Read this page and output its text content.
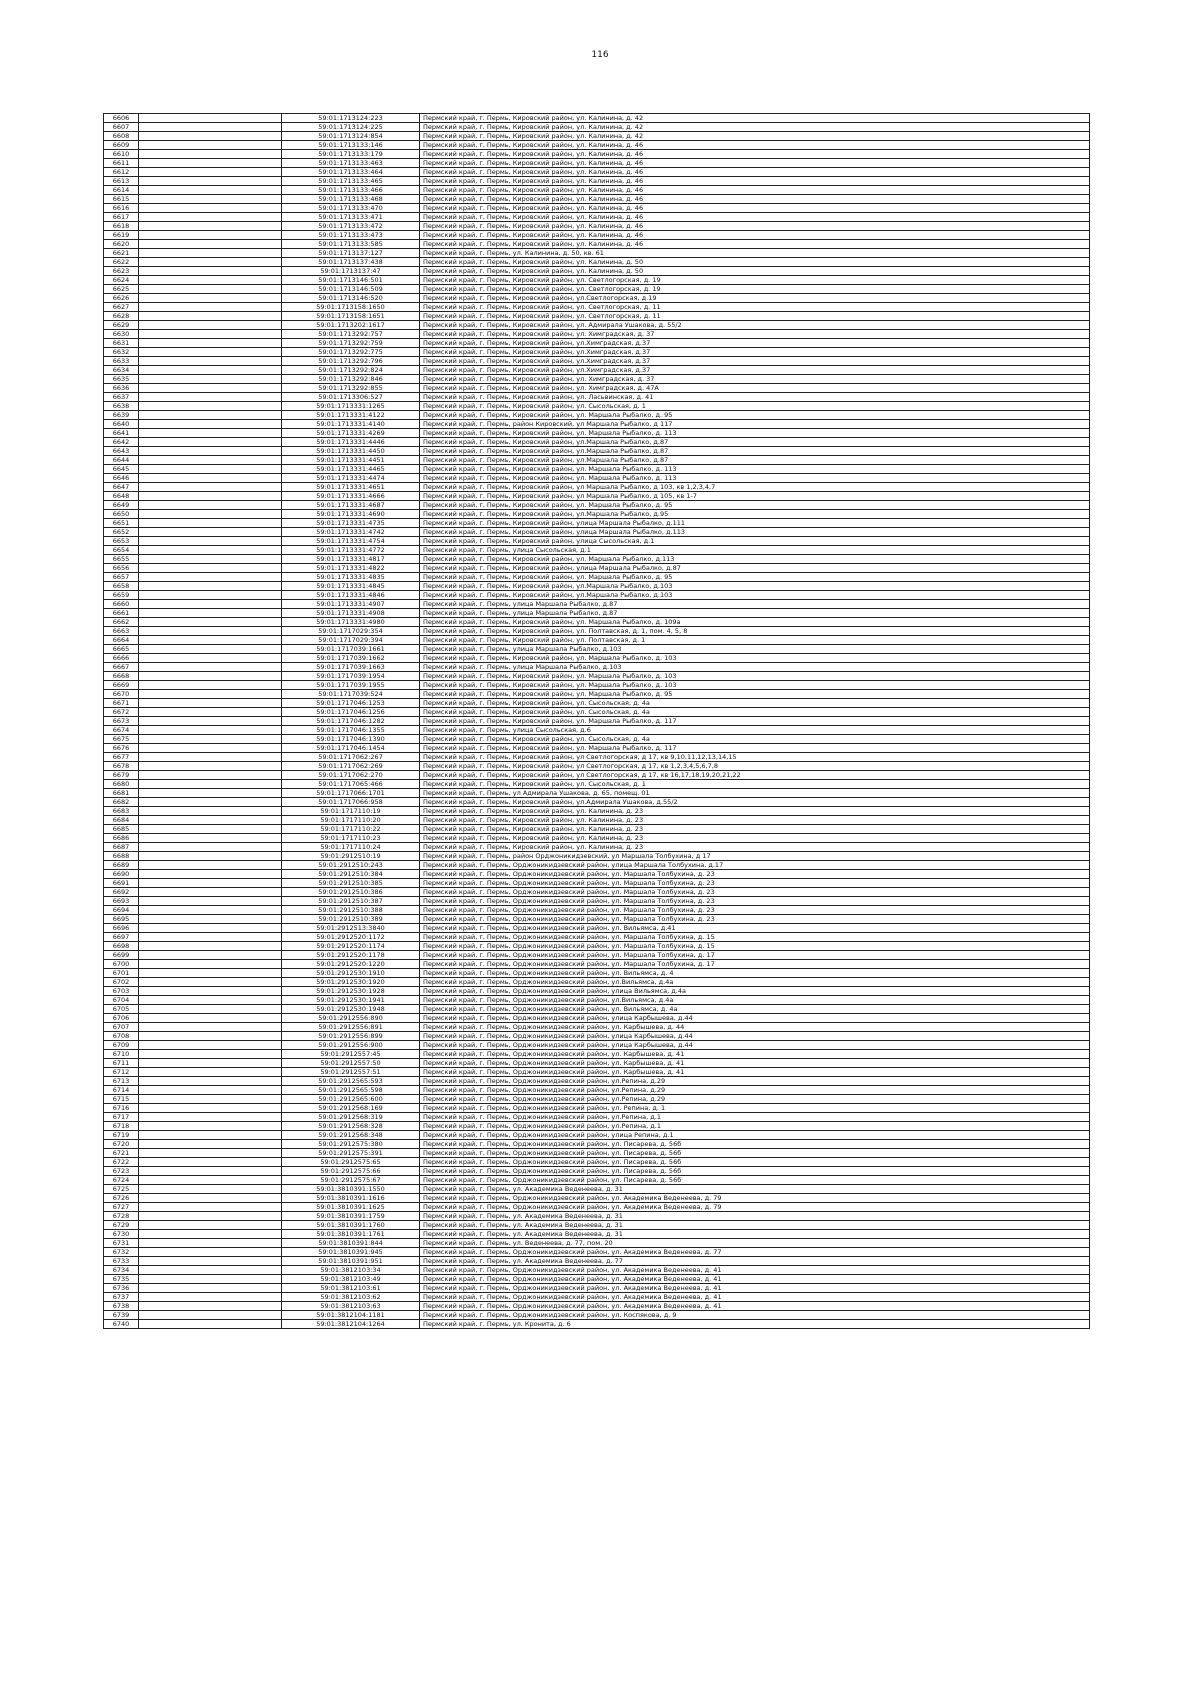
116
6606		59:01:1713124:223	Пермский край, г. Пермь, Кировский район, ул. Калинина, д. 42
6607		59:01:1713124:225	Пермский край, г. Пермь, Кировский район, ул. Калинина, д. 42
6608		59:01:1713124:854	Пермский край, г. Пермь, Кировский район, ул. Калинина, д. 42
6609		59:01:1713133:146	Пермский край, г. Пермь, Кировский район, ул. Калинина, д. 46
6610		59:01:1713133:179	Пермский край, г. Пермь, Кировский район, ул. Калинина, д. 46
6611		59:01:1713133:463	Пермский край, г. Пермь, Кировский район, ул. Калинина, д. 46
6612		59:01:1713133:464	Пермский край, г. Пермь, Кировский район, ул. Калинина, д. 46
6613		59:01:1713133:465	Пермский край, г. Пермь, Кировский район, ул. Калинина, д. 46
6614		59:01:1713133:466	Пермский край, г. Пермь, Кировский район, ул. Калинина, д. 46
6615		59:01:1713133:468	Пермский край, г. Пермь, Кировский район, ул. Калинина, д. 46
6616		59:01:1713133:470	Пермский край, г. Пермь, Кировский район, ул. Калинина, д. 46
6617		59:01:1713133:471	Пермский край, г. Пермь, Кировский район, ул. Калинина, д. 46
6618		59:01:1713133:472	Пермский край, г. Пермь, Кировский район, ул. Калинина, д. 46
6619		59:01:1713133:473	Пермский край, г. Пермь, Кировский район, ул. Калинина, д. 46
6620		59:01:1713133:585	Пермский край, г. Пермь, Кировский район, ул. Калинина, д. 46
6621		59:01:1713137:127	Пермский край, г. Пермь, ул. Калинина, д. 50, кв. 61
6622		59:01:1713137:438	Пермский край, г. Пермь, Кировский район, ул. Калинина, д. 50
6623		59:01:1713137:47	Пермский край, г. Пермь, Кировский район, ул. Калинина, д. 50
6624		59:01:1713146:501	Пермский край, г. Пермь, Кировский район, ул. Светлогорская, д. 19
6625		59:01:1713146:509	Пермский край, г. Пермь, Кировский район, ул. Светлогорская, д. 19
6626		59:01:1713146:520	Пермский край, г. Пермь, Кировский район, ул.Светлогорская, д.19
6627		59:01:1713158:1650	Пермский край, г. Пермь, Кировский район, ул. Светлогорская, д. 11
6628		59:01:1713158:1651	Пермский край, г. Пермь, Кировский район, ул. Светлогорская, д. 11
6629		59:01:1713202:1617	Пермский край, г. Пермь, Кировский район, ул. Адмирала Ушакова, д. 55/2
6630		59:01:1713292:757	Пермский край, г. Пермь, Кировский район, ул. Химградская, д. 37
6631		59:01:1713292:759	Пермский край, г. Пермь, Кировский район, ул.Химградская, д.37
6632		59:01:1713292:775	Пермский край, г. Пермь, Кировский район, ул.Химградская, д.37
6633		59:01:1713292:796	Пермский край, г. Пермь, Кировский район, ул.Химградская, д.37
6634		59:01:1713292:824	Пермский край, г. Пермь, Кировский район, ул.Химградская, д.37
6635		59:01:1713292:846	Пермский край, г. Пермь, Кировский район, ул. Химградская, д. 37
6636		59:01:1713292:855	Пермский край, г. Пермь, Кировский район, ул. Химградская, д. 47А
6637		59:01:1713306:527	Пермский край, г. Пермь, Кировский район, ул. Ласьвинская, д. 41
6638		59:01:1713331:1265	Пермский край, г. Пермь, Кировский район, ул. Сысольская, д. 1
6639		59:01:1713331:4122	Пермский край, г. Пермь, Кировский район, ул. Маршала Рыбалко, д. 95
6640		59:01:1713331:4140	Пермский край, г. Пермь, район Кировский, ул Маршала Рыбалко, д 117
6641		59:01:1713331:4269	Пермский край, г. Пермь, Кировский район, ул. Маршала Рыбалко, д. 113
6642		59:01:1713331:4446	Пермский край, г. Пермь, Кировский район, ул.Маршала Рыбалко, д.87
6643		59:01:1713331:4450	Пермский край, г. Пермь, Кировский район, ул.Маршала Рыбалко, д.87
6644		59:01:1713331:4451	Пермский край, г. Пермь, Кировский район, ул.Маршала Рыбалко, д.87
6645		59:01:1713331:4465	Пермский край, г. Пермь, Кировский район, ул. Маршала Рыбалко, д. 113
6646		59:01:1713331:4474	Пермский край, г. Пермь, Кировский район, ул. Маршала Рыбалко, д. 113
6647		59:01:1713331:4651	Пермский край, г. Пермь, Кировский район, ул Маршала Рыбалко, д 103, кв 1,2,3,4,7
6648		59:01:1713331:4666	Пермский край, г. Пермь, Кировский район, ул Маршала Рыбалко, д 105, кв 1-7
6649		59:01:1713331:4687	Пермский край, г. Пермь, Кировский район, ул. Маршала Рыбалко, д. 95
6650		59:01:1713331:4690	Пермский край, г. Пермь, Кировский район, ул.Маршала Рыбалко, д.95
6651		59:01:1713331:4735	Пермский край, г. Пермь, Кировский район, улица Маршала Рыбалко, д.111
6652		59:01:1713331:4742	Пермский край, г. Пермь, Кировский район, улица Маршала Рыбалко, д.113
6653		59:01:1713331:4754	Пермский край, г. Пермь, Кировский район, улица Сысольская, д.1
6654		59:01:1713331:4772	Пермский край, г. Пермь, улица Сысольская, д.1
6655		59:01:1713331:4817	Пермский край, г. Пермь, Кировский район, ул. Маршала Рыбалко, д.113
6656		59:01:1713331:4822	Пермский край, г. Пермь, Кировский район, улица Маршала Рыбалко, д.87
6657		59:01:1713331:4835	Пермский край, г. Пермь, Кировский район, ул. Маршала Рыбалко, д. 95
6658		59:01:1713331:4845	Пермский край, г. Пермь, Кировский район, ул.Маршала Рыбалко, д.103
6659		59:01:1713331:4846	Пермский край, г. Пермь, Кировский район, ул.Маршала Рыбалко, д.103
6660		59:01:1713331:4907	Пермский край, г. Пермь, улица Маршала Рыбалко, д.87
6661		59:01:1713331:4908	Пермский край, г. Пермь, улица Маршала Рыбалко, д.87
6662		59:01:1713331:4980	Пермский край, г. Пермь, Кировский район, ул. Маршала Рыбалко, д. 109а
6663		59:01:1717029:354	Пермский край, г. Пермь, Кировский район, ул. Полтавская, д. 1, пом. 4, 5, 8
6664		59:01:1717029:394	Пермский край, г. Пермь, Кировский район, ул. Полтавская, д. 1
6665		59:01:1717039:1661	Пермский край, г. Пермь, улица Маршала Рыбалко, д.103
6666		59:01:1717039:1662	Пермский край, г. Пермь, Кировский район, ул. Маршала Рыбалко, д. 103
6667		59:01:1717039:1663	Пермский край, г. Пермь, улица Маршала Рыбалко, д.103
6668		59:01:1717039:1954	Пермский край, г. Пермь, Кировский район, ул. Маршала Рыбалко, д. 103
6669		59:01:1717039:1955	Пермский край, г. Пермь, Кировский район, ул. Маршала Рыбалко, д. 103
6670		59:01:1717039:524	Пермский край, г. Пермь, Кировский район, ул. Маршала Рыбалко, д. 95
6671		59:01:1717046:1253	Пермский край, г. Пермь, Кировский район, ул. Сысольская, д. 4а
6672		59:01:1717046:1256	Пермский край, г. Пермь, Кировский район, ул. Сысольская, д. 4а
6673		59:01:1717046:1282	Пермский край, г. Пермь, Кировский район, ул. Маршала Рыбалко, д. 117
6674		59:01:1717046:1355	Пермский край, г. Пермь, улица Сысольская, д.6
6675		59:01:1717046:1390	Пермский край, г. Пермь, Кировский район, ул. Сысольская, д. 4а
6676		59:01:1717046:1454	Пермский край, г. Пермь, Кировский район, ул. Маршала Рыбалко, д. 117
6677		59:01:1717062:267	Пермский край, г. Пермь, Кировский район, ул Светлогорская, д 17, кв 9,10,11,12,13,14,15
6678		59:01:1717062:269	Пермский край, г. Пермь, Кировский район, ул Светлогорская, д 17, кв 1,2,3,4,5,6,7,8
6679		59:01:1717062:270	Пермский край, г. Пермь, Кировский район, ул Светлогорская, д 17, кв 16,17,18,19,20,21,22
6680		59:01:1717065:466	Пермский край, г. Пермь, Кировский район, ул. Сысольская, д. 1
6681		59:01:1717066:1701	Пермский край, г. Пермь, ул Адмирала Ушакова, д. 65, помещ. 01
6682		59:01:1717066:958	Пермский край, г. Пермь, Кировский район, ул.Адмирала Ушакова, д.55/2
6683		59:01:1717110:19	Пермский край, г. Пермь, Кировский район, ул. Калинина, д. 23
6684		59:01:1717110:20	Пермский край, г. Пермь, Кировский район, ул. Калинина, д. 23
6685		59:01:1717110:22	Пермский край, г. Пермь, Кировский район, ул. Калинина, д. 23
6686		59:01:1717110:23	Пермский край, г. Пермь, Кировский район, ул. Калинина, д. 23
6687		59:01:1717110:24	Пермский край, г. Пермь, Кировский район, ул. Калинина, д. 23
6688		59:01:2912510:19	Пермский край, г. Пермь, район Орджоникидзевский, ул Маршала Толбухина, д 17
6689		59:01:2912510:243	Пермский край, г. Пермь, Орджоникидзевский район, улица Маршала Толбухина, д.17
6690		59:01:2912510:384	Пермский край, г. Пермь, Орджоникидзевский район, ул. Маршала Толбухина, д. 23
6691		59:01:2912510:385	Пермский край, г. Пермь, Орджоникидзевский район, ул. Маршала Толбухина, д. 23
6692		59:01:2912510:386	Пермский край, г. Пермь, Орджоникидзевский район, ул. Маршала Толбухина, д. 23
6693		59:01:2912510:387	Пермский край, г. Пермь, Орджоникидзевский район, ул. Маршала Толбухина, д. 23
6694		59:01:2912510:388	Пермский край, г. Пермь, Орджоникидзевский район, ул. Маршала Толбухина, д. 23
6695		59:01:2912510:389	Пермский край, г. Пермь, Орджоникидзевский район, ул. Маршала Толбухина, д. 23
6696		59:01:2912513:3840	Пермский край, г. Пермь, Орджоникидзевский район, ул. Вильямса, д.41
6697		59:01:2912520:1172	Пермский край, г. Пермь, Орджоникидзевский район, ул. Маршала Толбухина, д. 15
6698		59:01:2912520:1174	Пермский край, г. Пермь, Орджоникидзевский район, ул. Маршала Толбухина, д. 15
6699		59:01:2912520:1178	Пермский край, г. Пермь, Орджоникидзевский район, ул. Маршала Толбухина, д. 17
6700		59:01:2912520:1220	Пермский край, г. Пермь, Орджоникидзевский район, ул. Маршала Толбухина, д. 17
6701		59:01:2912530:1910	Пермский край, г. Пермь, Орджоникидзевский район, ул. Вильямса, д. 4
6702		59:01:2912530:1920	Пермский край, г. Пермь, Орджоникидзевский район, ул.Вильямса, д.4а
6703		59:01:2912530:1928	Пермский край, г. Пермь, Орджоникидзевский район, улица Вильямса, д.4а
6704		59:01:2912530:1941	Пермский край, г. Пермь, Орджоникидзевский район, ул.Вильямса, д.4а
6705		59:01:2912530:1948	Пермский край, г. Пермь, Орджоникидзевский район, ул. Вильямса, д. 4а
6706		59:01:2912556:890	Пермский край, г. Пермь, Орджоникидзевский район, улица Карбышева, д.44
6707		59:01:2912556:891	Пермский край, г. Пермь, Орджоникидзевский район, ул. Карбышева, д. 44
6708		59:01:2912556:899	Пермский край, г. Пермь, Орджоникидзевский район, улица Карбышева, д.44
6709		59:01:2912556:900	Пермский край, г. Пермь, Орджоникидзевский район, улица Карбышева, д.44
6710		59:01:2912557:45	Пермский край, г. Пермь, Орджоникидзевский район, ул. Карбышева, д. 41
6711		59:01:2912557:50	Пермский край, г. Пермь, Орджоникидзевский район, ул. Карбышева, д. 41
6712		59:01:2912557:51	Пермский край, г. Пермь, Орджоникидзевский район, ул. Карбышева, д. 41
6713		59:01:2912565:593	Пермский край, г. Пермь, Орджоникидзевский район, ул.Репина, д.29
6714		59:01:2912565:598	Пермский край, г. Пермь, Орджоникидзевский район, ул.Репина, д.29
6715		59:01:2912565:600	Пермский край, г. Пермь, Орджоникидзевский район, ул.Репина, д.29
6716		59:01:2912568:169	Пермский край, г. Пермь, Орджоникидзевский район, ул. Репина, д. 1
6717		59:01:2912568:319	Пермский край, г. Пермь, Орджоникидзевский район, ул.Репина, д.1
6718		59:01:2912568:328	Пермский край, г. Пермь, Орджоникидзевский район, ул.Репина, д.1
6719		59:01:2912568:348	Пермский край, г. Пермь, Орджоникидзевский район, улица Репина, д.1
6720		59:01:2912575:380	Пермский край, г. Пермь, Орджоникидзевский район, ул. Писарева, д. 56б
6721		59:01:2912575:391	Пермский край, г. Пермь, Орджоникидзевский район, ул. Писарева, д. 56б
6722		59:01:2912575:65	Пермский край, г. Пермь, Орджоникидзевский район, ул. Писарева, д. 56б
6723		59:01:2912575:66	Пермский край, г. Пермь, Орджоникидзевский район, ул. Писарева, д. 56б
6724		59:01:2912575:67	Пермский край, г. Пермь, Орджоникидзевский район, ул. Писарева, д. 56б
6725		59:01:3810391:1550	Пермский край, г. Пермь, ул. Академика Веденеева, д. 31
6726		59:01:3810391:1616	Пермский край, г. Пермь, Орджоникидзевский район, ул. Академика Веденеева, д. 79
6727		59:01:3810391:1625	Пермский край, г. Пермь, Орджоникидзевский район, ул. Академика Веденеева, д. 79
6728		59:01:3810391:1759	Пермский край, г. Пермь, ул. Академика Веденеева, д. 31
6729		59:01:3810391:1760	Пермский край, г. Пермь, ул. Академика Веденеева, д. 31
6730		59:01:3810391:1761	Пермский край, г. Пермь, ул. Академика Веденеева, д. 31
6731		59:01:3810391:844	Пермский край, г. Пермь, ул. Веденеева, д. 77, пом. 20
6732		59:01:3810391:945	Пермский край, г. Пермь, Орджоникидзевский район, ул. Академика Веденеева, д. 77
6733		59:01:3810391:951	Пермский край, г. Пермь, ул. Академика Веденеева, д. 77
6734		59:01:3812103:34	Пермский край, г. Пермь, Орджоникидзевский район, ул. Академика Веденеева, д. 41
6735		59:01:3812103:49	Пермский край, г. Пермь, Орджоникидзевский район, ул. Академика Веденеева, д. 41
6736		59:01:3812103:61	Пермский край, г. Пермь, Орджоникидзевский район, ул. Академика Веденеева, д. 41
6737		59:01:3812103:62	Пермский край, г. Пермь, Орджоникидзевский район, ул. Академика Веденеева, д. 41
6738		59:01:3812103:63	Пермский край, г. Пермь, Орджоникидзевский район, ул. Академика Веденеева, д. 41
6739		59:01:3812104:1181	Пермский край, г. Пермь, Орджоникидзевский район, ул. Коспякова, д. 9
6740		59:01:3812104:1264	Пермский край, г. Пермь, ул. Кронита, д. 6
